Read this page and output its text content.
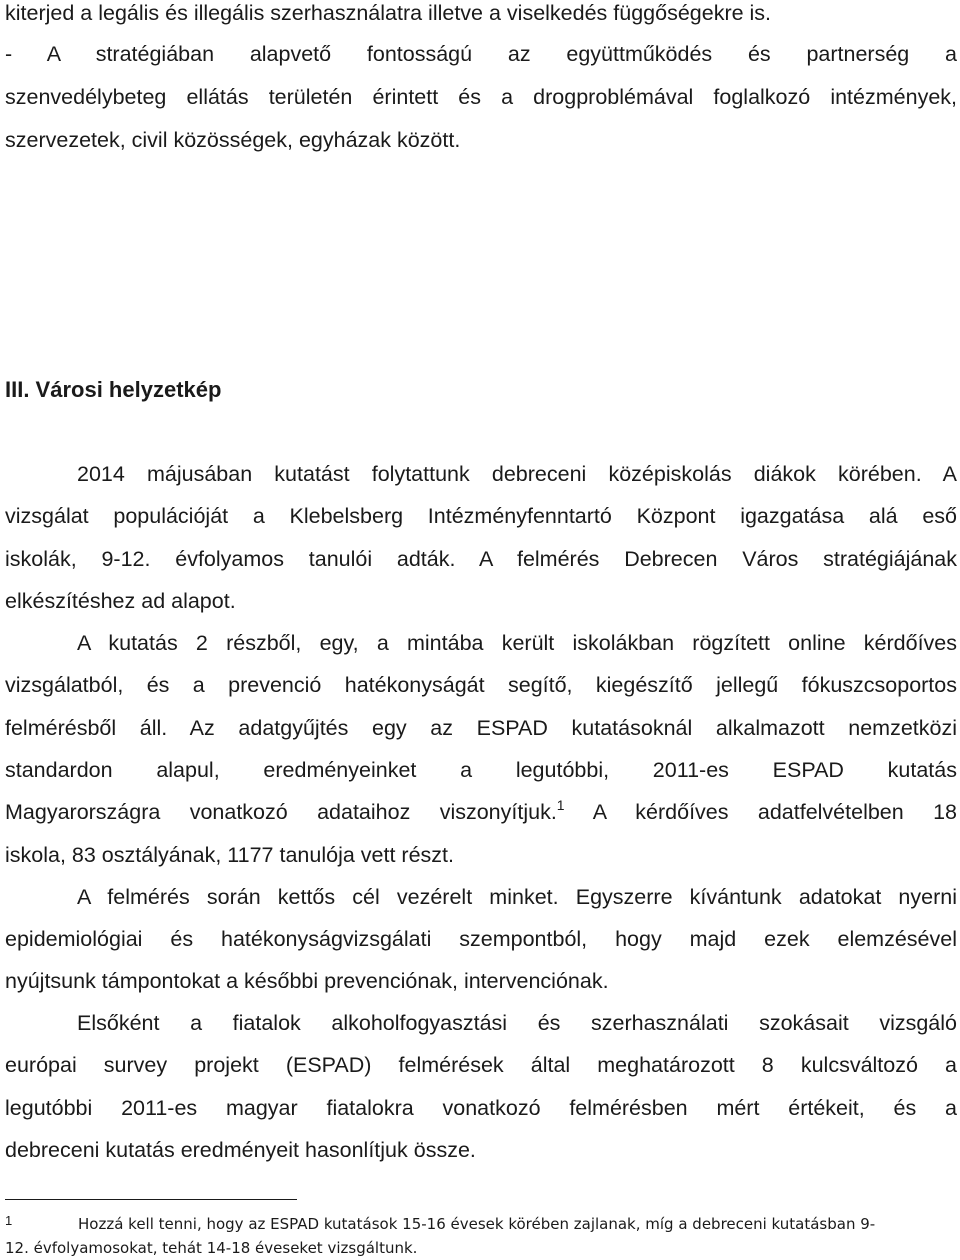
kiterjed a legális és illegális szerhasználatra illetve a viselkedés függőségekre is.
- A stratégiában alapvető fontosságú az együttműködés és partnerség a
szenvedélybeteg ellátás területén érintett és a drogproblémával foglalkozó intézmények,
szervezetek, civil közösségek, egyházak között.
III. Városi helyzetkép
2014 májusában kutatást folytattunk debreceni középiskolás diákok körében. A
vizsgálat populációját a Klebelsberg Intézményfenntartó Központ igazgatása alá eső
iskolák, 9-12. évfolyamos tanulói adták. A felmérés Debrecen Város stratégiájának
elkészítéshez ad alapot.
A kutatás 2 részből, egy, a mintába került iskolákban rögzített online kérdőíves
vizsgálatból, és a prevenció hatékonyságát segítő, kiegészítő jellegű fókuszcsoportos
felmérésből áll. Az adatgyűjtés egy az ESPAD kutatásoknál alkalmazott nemzetközi
standardon alapul, eredményeinket a legutóbbi, 2011-es ESPAD kutatás
Magyarországra vonatkozó adataihoz viszonyítjuk.$^1$ A kérdőíves adatfelvételben 18
iskola, 83 osztályának, 1177 tanulója vett részt.
A felmérés során kettős cél vezérelt minket. Egyszerre kívántunk adatokat nyerni
epidemiológiai és hatékonyságvizsgálati szempontból, hogy majd ezek elemzésével
nyújtsunk támpontokat a későbbi prevenciónak, intervenciónak.
Elsőként a fiatalok alkoholfogyasztási és szerhasználati szokásait vizsgáló
európai survey projekt (ESPAD) felmérések által meghatározott 8 kulcsváltozó a
legutóbbi 2011-es magyar fiatalokra vonatkozó felmérésben mért értékeit, és a
debreceni kutatás eredményeit hasonlítjuk össze.
1	Hozzá kell tenni, hogy az ESPAD kutatások 15-16 évesek körében zajlanak, míg a debreceni kutatásban 9-
12. évfolyamosokat, tehát 14-18 éveseket vizsgáltunk.
